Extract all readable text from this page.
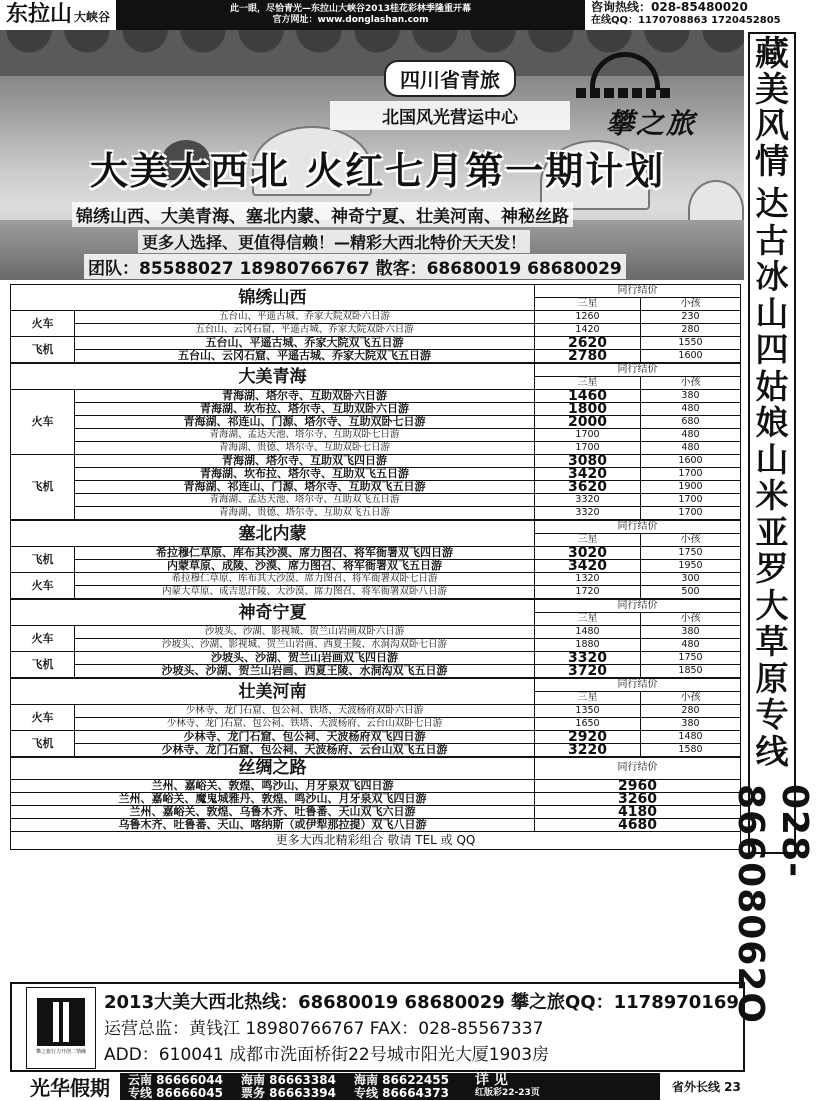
东拉山 大峡谷
此一眼，尽恰青光—东拉山大峡谷2013桂花彩林季隆重开幕
官方网址：www.donglashan.com
咨询热线：028-85480020
在线QQ：1170708863 1720452805
四川省青旅
北国风光营运中心	攀之旅
大美大西北 火红七月第一期计划
锦绣山西、大美青海、塞北内蒙、神奇宁夏、壮美河南、神秘丝路
更多人选择、更值得信赖！—精彩大西北特价天天发！
团队：85588027 18980766767 散客：68680019 68680029
藏
美
风
情
达
古
冰
山
四
姑
娘
山
米
亚
罗
大
草
原
专
线
028-86608062O
锦绣山西		同行结价	
		三星	小孩
火车	五台山、平遥古城、乔家大院双卧六日游	1260	230
	五台山、云冈石窟、平遥古城、乔家大院双卧六日游	1420	280
飞机	五台山、平遥古城、乔家大院双飞五日游	2620	1550
	五台山、云冈石窟、平遥古城、乔家大院双飞五日游	2780	1600
大美青海		同行结价	
		三星	小孩
火车	青海湖、塔尔寺、互助双卧六日游	1460	380
	青海湖、坎布拉、塔尔寺、互助双卧六日游	1800	480
	青海湖、祁连山、门源、塔尔寺、互助双卧七日游	2000	680
	青海湖、孟达天池、塔尔寺、互助双卧七日游	1700	480
	青海湖、贵德、塔尔寺、互助双卧七日游	1700	480
飞机	青海湖、塔尔寺、互助双飞四日游	3080	1600
	青海湖、坎布拉、塔尔寺、互助双飞五日游	3420	1700
	青海湖、祁连山、门源、塔尔寺、互助双飞五日游	3620	1900
	青海湖、孟达天池、塔尔寺、互助双飞五日游	3320	1700
	青海湖、贵德、塔尔寺、互助双飞五日游	3320	1700
塞北内蒙		同行结价	
		三星	小孩
飞机	希拉穆仁草原、库布其沙漠、席力图召、将军衙署双飞四日游	3020	1750
	内蒙草原、成陵、沙漠、席力图召、将军衙署双飞五日游	3420	1950
火车	希拉穆仁草原、库布其大沙漠、席力图召、将军衙署双卧七日游	1320	300
	内蒙大草原、成吉思汗陵、大沙漠、席力图召、将军衙署双卧八日游	1720	500
神奇宁夏		同行结价	
		三星	小孩
火车	沙坡头、沙湖、影视城、贺兰山岩画双卧六日游	1480	380
	沙坡头、沙湖、影视城、贺兰山岩画、西夏王陵、水洞沟双卧七日游	1880	480
飞机	沙坡头、沙湖、贺兰山岩画双飞四日游	3320	1750
	沙坡头、沙湖、贺兰山岩画、西夏王陵、水洞沟双飞五日游	3720	1850
壮美河南		同行结价	
		三星	小孩
火车	少林寺、龙门石窟、包公祠、铁塔、天波杨府双卧六日游	1350	280
	少林寺、龙门石窟、包公祠、铁塔、天波杨府、云台山双卧七日游	1650	380
飞机	少林寺、龙门石窟、包公祠、天波杨府双飞四日游	2920	1480
	少林寺、龙门石窟、包公祠、天波杨府、云台山双飞五日游	3220	1580
丝绸之路		同行结价	
兰州、嘉峪关、敦煌、鸣沙山、月牙泉双飞四日游		2960	
兰州、嘉峪关、魔鬼城雅丹、敦煌、鸣沙山、月牙泉双飞四日游		3260	
兰州、嘉峪关、敦煌、乌鲁木齐、吐鲁番、天山双飞六日游		4180	
乌鲁木齐、吐鲁番、天山、喀纳斯（或伊犁那拉提）双飞八日游		4680	
更多大西北精彩组合 敬请 TEL 或 QQ			
攀之旅行力开创二情确
2013大美大西北热线：68680019 68680029 攀之旅QQ：1178970169
运营总监：黄钱江 18980766767 FAX：028-85567337
ADD：610041 成都市洗面桥街22号城市阳光大厦1903房
光华假期	云南 86666044
专线 86666045
海南 86663384
票务 86663394
海南 86622455
专线 86664373
详 见
红版彩22-23页	省外长线 23
